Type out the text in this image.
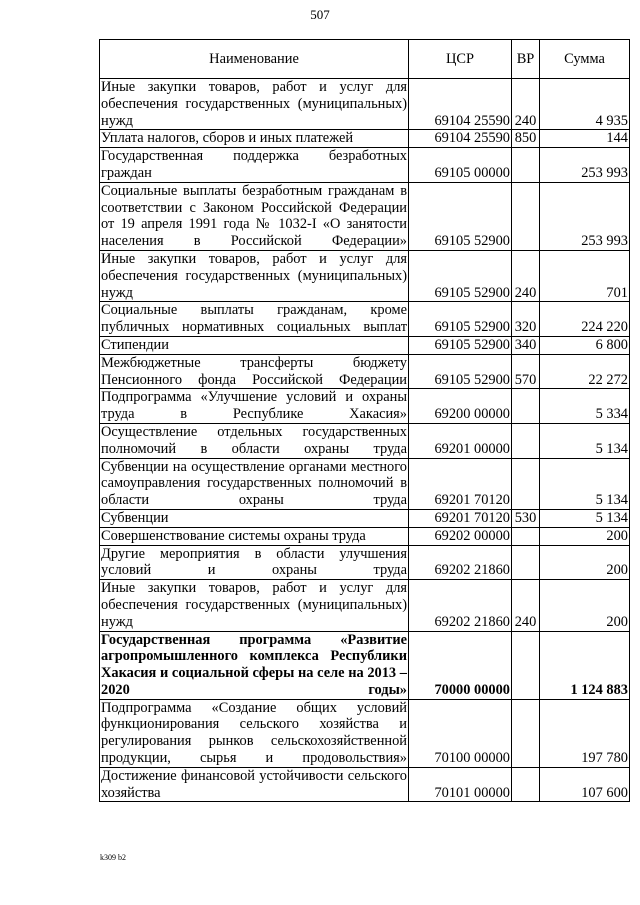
507
Наименование	ЦСР	ВР	Сумма
Иные закупки товаров, работ и услуг для обеспечения государственных (муниципальных) нужд	69104 25590	240	4 935
Уплата налогов, сборов и иных платежей	69104 25590	850	144
Государственная поддержка безработных граждан	69105 00000		253 993
Социальные выплаты безработным гражданам в соответствии с Законом Российской Федерации от 19 апреля 1991 года № 1032-I «О занятости населения в Российской Федерации»	69105 52900		253 993
Иные закупки товаров, работ и услуг для обеспечения государственных (муниципальных) нужд	69105 52900	240	701
Социальные выплаты гражданам, кроме публичных нормативных социальных выплат	69105 52900	320	224 220
Стипендии	69105 52900	340	6 800
Межбюджетные трансферты бюджету Пенсионного фонда Российской Федерации	69105 52900	570	22 272
Подпрограмма «Улучшение условий и охраны труда в Республике Хакасия»	69200 00000		5 334
Осуществление отдельных государственных полномочий в области охраны труда	69201 00000		5 134
Субвенции на осуществление органами местного самоуправления государственных полномочий в области охраны труда	69201 70120		5 134
Субвенции	69201 70120	530	5 134
Совершенствование системы охраны труда	69202 00000		200
Другие мероприятия в области улучшения условий и охраны труда	69202 21860		200
Иные закупки товаров, работ и услуг для обеспечения государственных (муниципальных) нужд	69202 21860	240	200
Государственная программа «Развитие агропромышленного комплекса Республики Хакасия и социальной сферы на селе на 2013 – 2020 годы»	70000 00000		1 124 883
Подпрограмма «Создание общих условий функционирования сельского хозяйства и регулирования рынков сельскохозяйственной продукции, сырья и продовольствия»	70100 00000		197 780
Достижение финансовой устойчивости сельского хозяйства	70101 00000		107 600
k309 b2
